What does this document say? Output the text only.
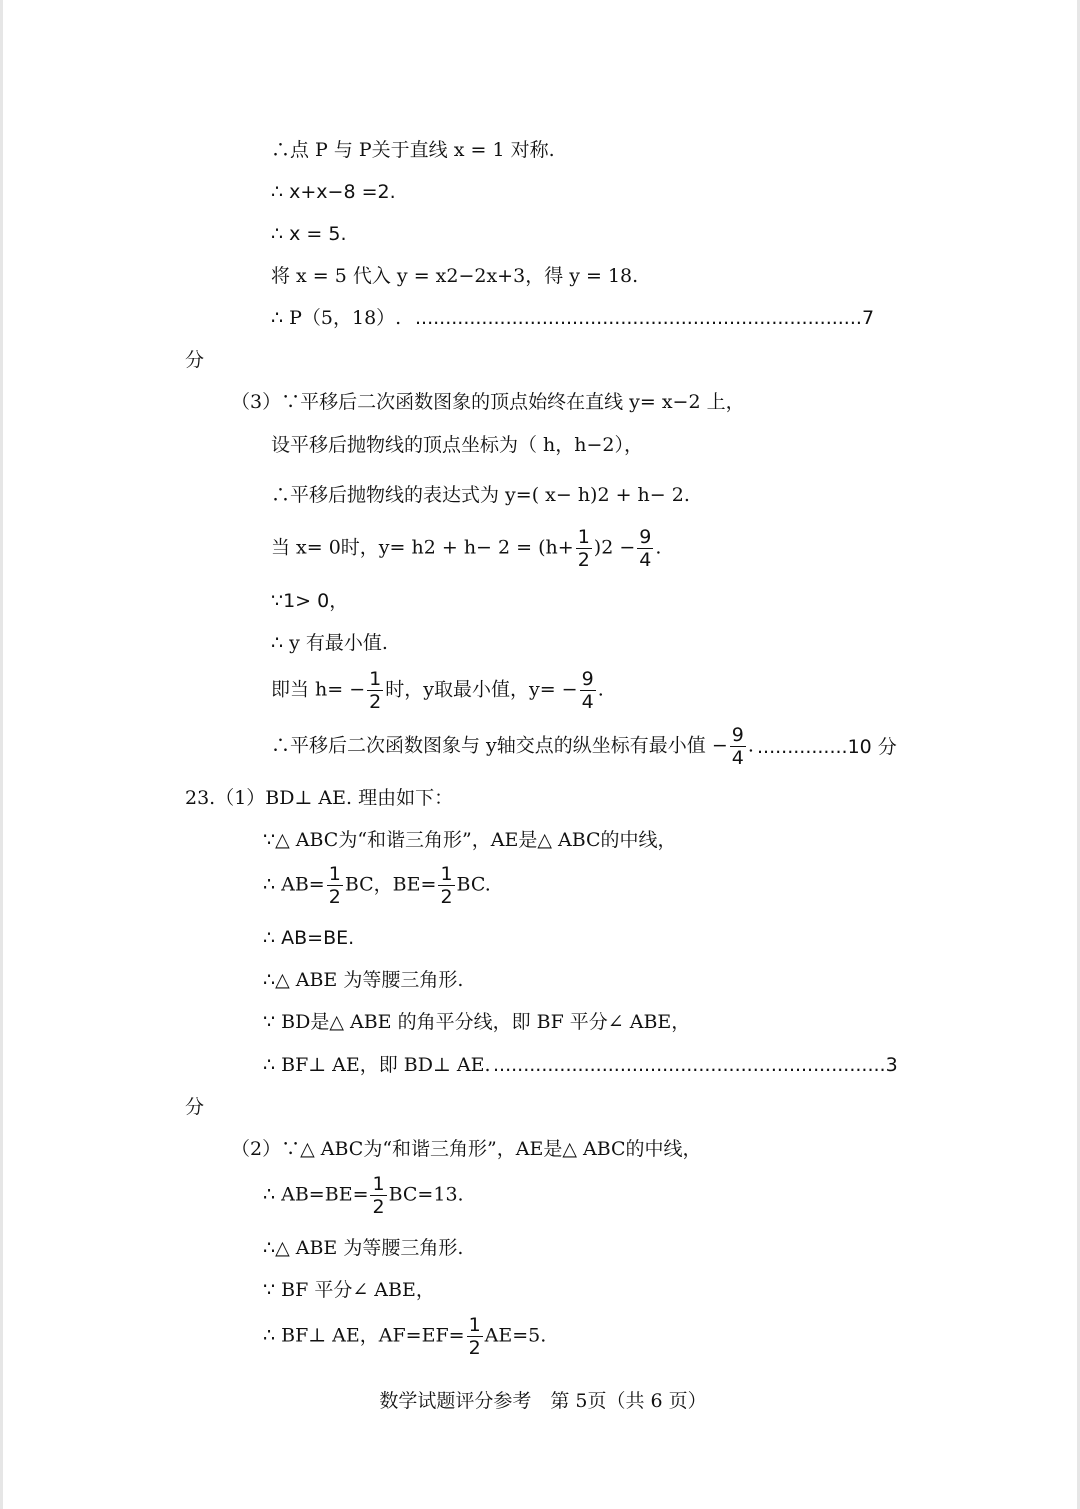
∴点 P 与 P关于直线 x = 1 对称.
∴ x+x−8 =2.
∴ x = 5.
将 x = 5 代入 y = x2−2x+3，得 y = 18.
∴ P（5，18）. ..........................................................................7
分
（3）∵平移后二次函数图象的顶点始终在直线 y= x−2 上，
设平移后抛物线的顶点坐标为（ h，h−2），
∴平移后抛物线的表达式为 y=( x− h)2 + h− 2.
当 x= 0时，$y= h2 + h- 2 = (h+ \frac{1}{2} )2 - \frac{9}{4}$ .
∵1> 0，
∴ y 有最小值.
即当 $h= - \frac{1}{2}$ 时，y取最小值，$y= - \frac{9}{4}$ .
∴平移后二次函数图象与 y轴交点的纵坐标有最小值 − $\frac{9}{4}$ . ...............10 分
23.（1）BD⊥ AE. 理由如下：
∵△ ABC为“和谐三角形”，AE是△ ABC的中线，
∴ $AB= \frac{1}{2}$ BC，$BE= \frac{1}{2}$ BC.
∴ AB=BE.
∴△ ABE 为等腰三角形.
∵ BD是△ ABE 的角平分线，即 BF 平分∠ ABE，
∴ BF⊥ AE，即 BD⊥ AE. .................................................................3
分
（2）∵△ ABC为“和谐三角形”，AE是△ ABC的中线，
∴ $AB=BE= \frac{1}{2} BC=13$.
∴△ ABE 为等腰三角形.
∵ BF 平分∠ ABE，
∴ BF⊥ AE，$AF=EF= \frac{1}{2} AE=5$.
数学试题评分参考　第 5页（共 6 页）
